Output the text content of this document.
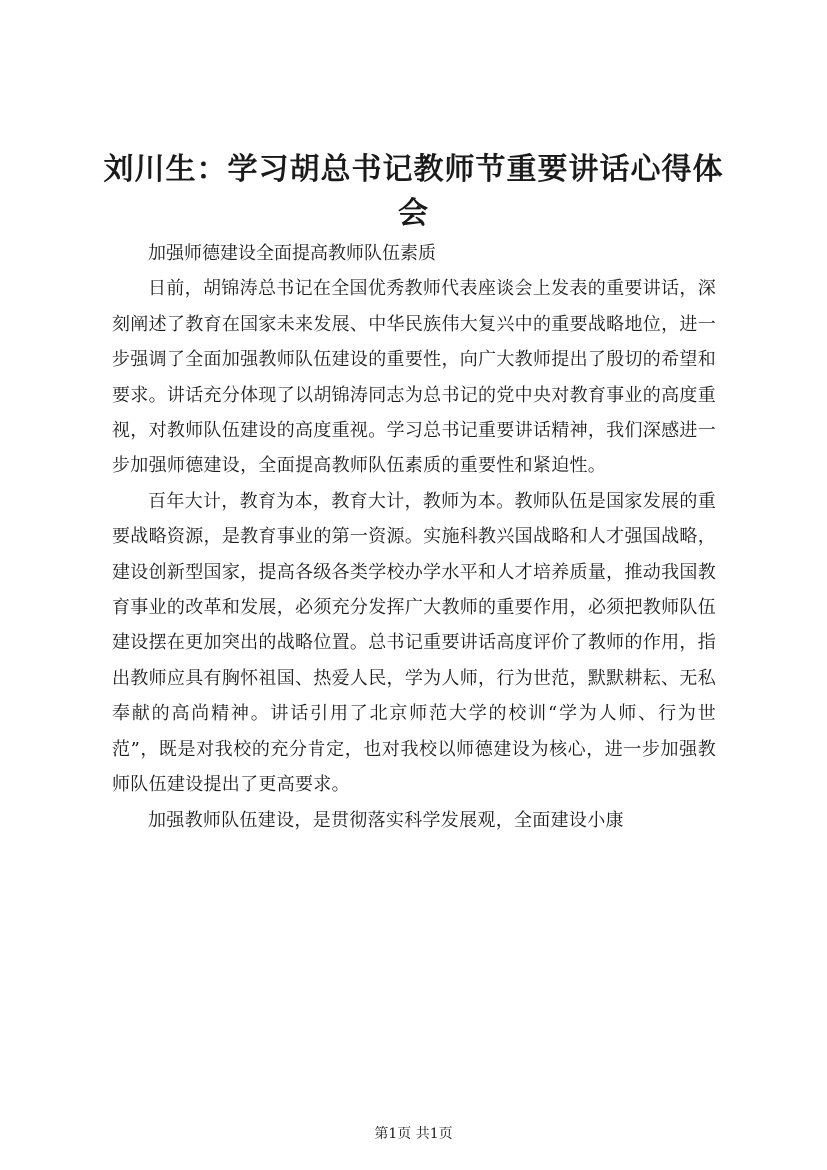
刘川生：学习胡总书记教师节重要讲话心得体会

加强师德建设全面提高教师队伍素质

日前，胡锦涛总书记在全国优秀教师代表座谈会上发表的重要讲话，深刻阐述了教育在国家未来发展、中华民族伟大复兴中的重要战略地位，进一步强调了全面加强教师队伍建设的重要性，向广大教师提出了殷切的希望和要求。讲话充分体现了以胡锦涛同志为总书记的党中央对教育事业的高度重视，对教师队伍建设的高度重视。学习总书记重要讲话精神，我们深感进一步加强师德建设，全面提高教师队伍素质的重要性和紧迫性。

百年大计，教育为本，教育大计，教师为本。教师队伍是国家发展的重要战略资源，是教育事业的第一资源。实施科教兴国战略和人才强国战略，建设创新型国家，提高各级各类学校办学水平和人才培养质量，推动我国教育事业的改革和发展，必须充分发挥广大教师的重要作用，必须把教师队伍建设摆在更加突出的战略位置。总书记重要讲话高度评价了教师的作用，指出教师应具有胸怀祖国、热爱人民，学为人师，行为世范，默默耕耘、无私奉献的高尚精神。讲话引用了北京师范大学的校训“学为人师、行为世范”，既是对我校的充分肯定，也对我校以师德建设为核心，进一步加强教师队伍建设提出了更高要求。

加强教师队伍建设，是贯彻落实科学发展观，全面建设小康

第1页 共1页
